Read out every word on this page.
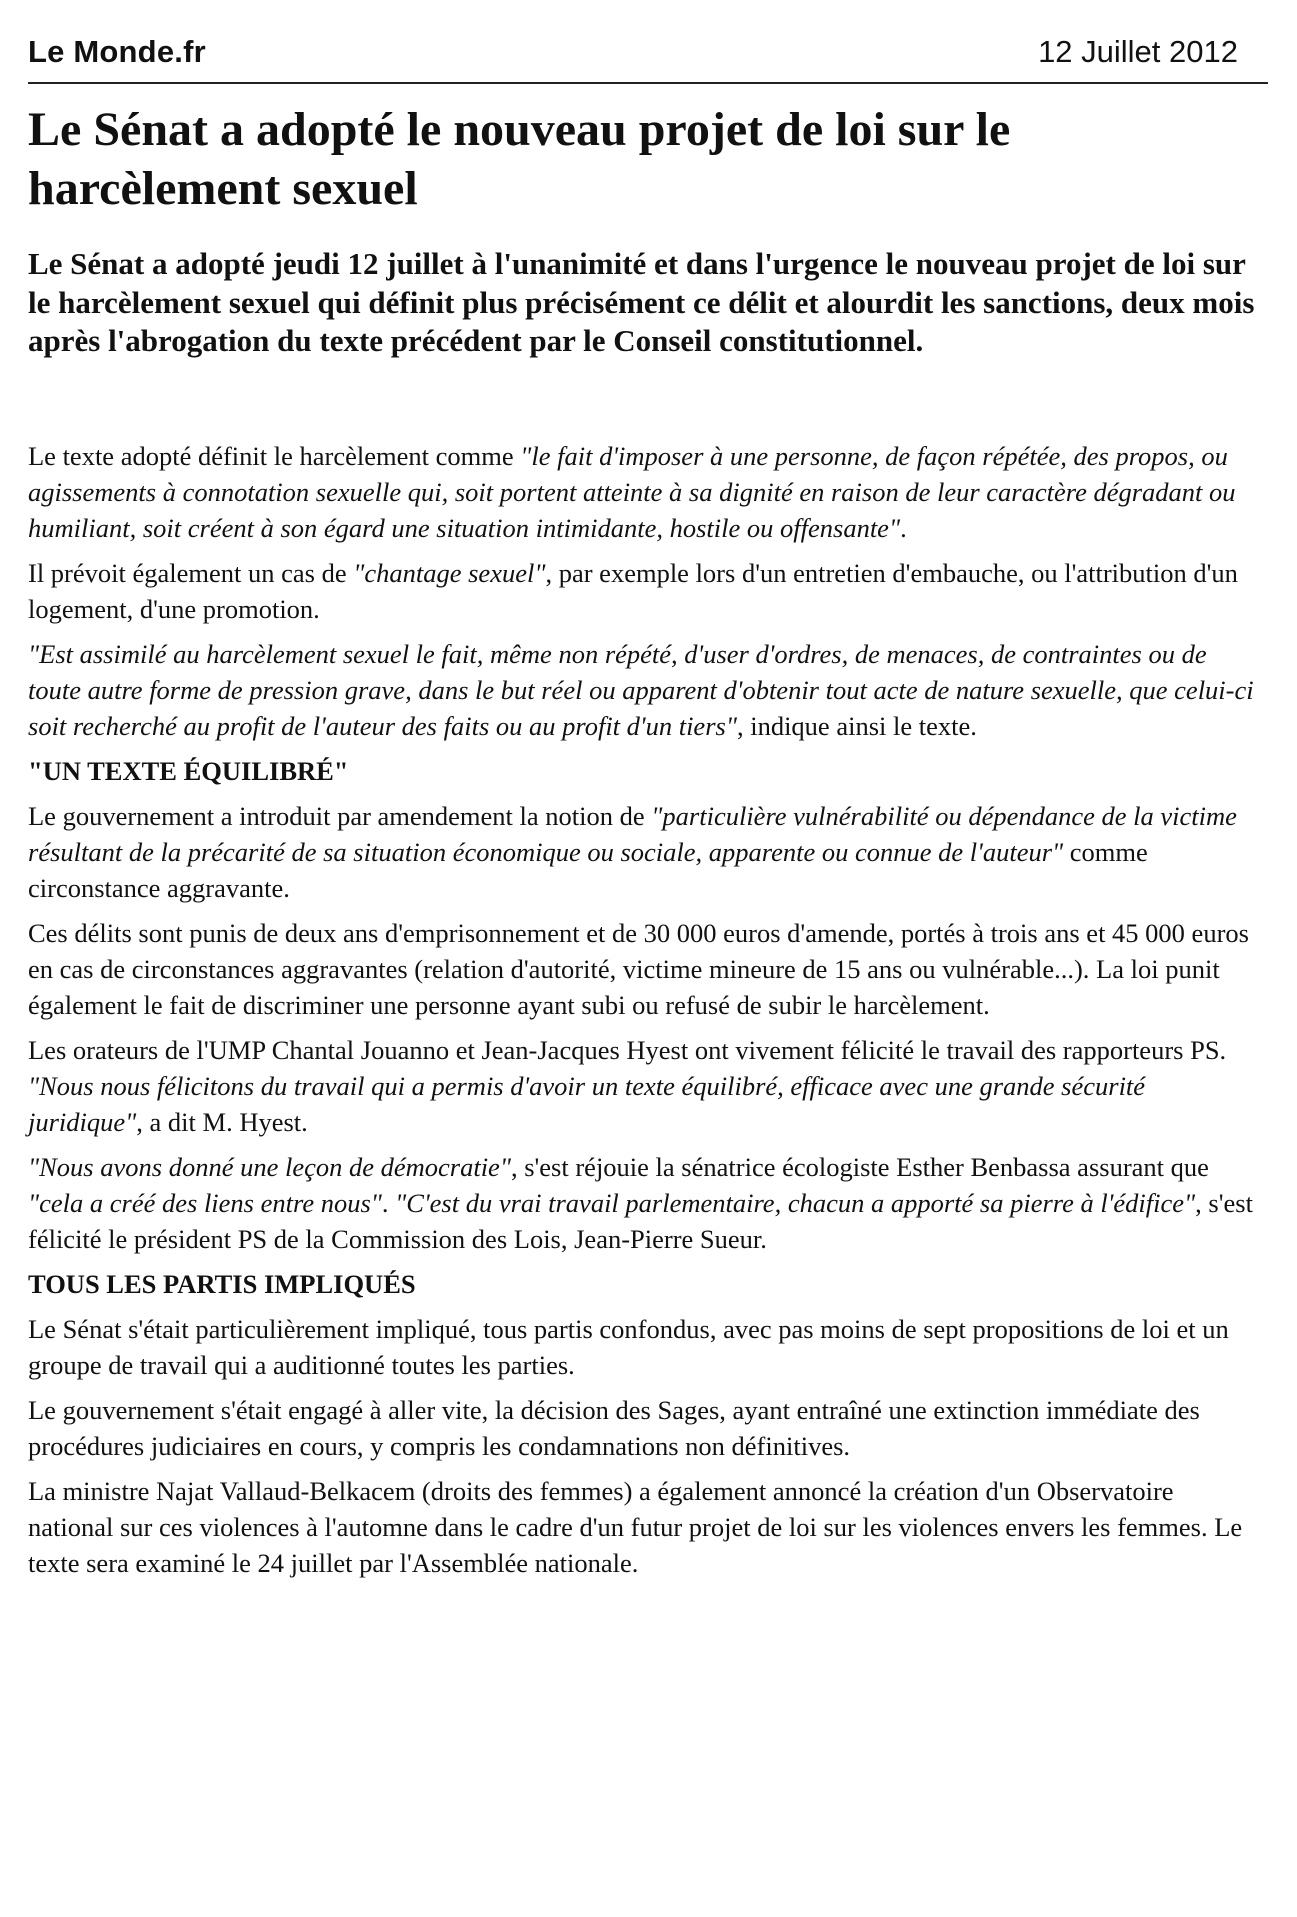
Le Monde.fr	12 Juillet 2012
Le Sénat a adopté le nouveau projet de loi sur le harcèlement sexuel

Le Sénat a adopté jeudi 12 juillet à l'unanimité et dans l'urgence le nouveau projet de loi sur le harcèlement sexuel qui définit plus précisément ce délit et alourdit les sanctions, deux mois après l'abrogation du texte précédent par le Conseil constitutionnel.

Le texte adopté définit le harcèlement comme "le fait d'imposer à une personne, de façon répétée, des propos, ou agissements à connotation sexuelle qui, soit portent atteinte à sa dignité en raison de leur caractère dégradant ou humiliant, soit créent à son égard une situation intimidante, hostile ou offensante".

Il prévoit également un cas de "chantage sexuel", par exemple lors d'un entretien d'embauche, ou l'attribution d'un logement, d'une promotion.

"Est assimilé au harcèlement sexuel le fait, même non répété, d'user d'ordres, de menaces, de contraintes ou de toute autre forme de pression grave, dans le but réel ou apparent d'obtenir tout acte de nature sexuelle, que celui-ci soit recherché au profit de l'auteur des faits ou au profit d'un tiers", indique ainsi le texte.

"UN TEXTE ÉQUILIBRÉ"

Le gouvernement a introduit par amendement la notion de "particulière vulnérabilité ou dépendance de la victime résultant de la précarité de sa situation économique ou sociale, apparente ou connue de l'auteur" comme circonstance aggravante.

Ces délits sont punis de deux ans d'emprisonnement et de 30 000 euros d'amende, portés à trois ans et 45 000 euros en cas de circonstances aggravantes (relation d'autorité, victime mineure de 15 ans ou vulnérable...). La loi punit également le fait de discriminer une personne ayant subi ou refusé de subir le harcèlement.

Les orateurs de l'UMP Chantal Jouanno et Jean-Jacques Hyest ont vivement félicité le travail des rapporteurs PS. "Nous nous félicitons du travail qui a permis d'avoir un texte équilibré, efficace avec une grande sécurité juridique", a dit M. Hyest.

"Nous avons donné une leçon de démocratie", s'est réjouie la sénatrice écologiste Esther Benbassa assurant que "cela a créé des liens entre nous". "C'est du vrai travail parlementaire, chacun a apporté sa pierre à l'édifice", s'est félicité le président PS de la Commission des Lois, Jean-Pierre Sueur.

TOUS LES PARTIS IMPLIQUÉS

Le Sénat s'était particulièrement impliqué, tous partis confondus, avec pas moins de sept propositions de loi et un groupe de travail qui a auditionné toutes les parties.

Le gouvernement s'était engagé à aller vite, la décision des Sages, ayant entraîné une extinction immédiate des procédures judiciaires en cours, y compris les condamnations non définitives.

La ministre Najat Vallaud-Belkacem (droits des femmes) a également annoncé la création d'un Observatoire national sur ces violences à l'automne dans le cadre d'un futur projet de loi sur les violences envers les femmes. Le texte sera examiné le 24 juillet par l'Assemblée nationale.
